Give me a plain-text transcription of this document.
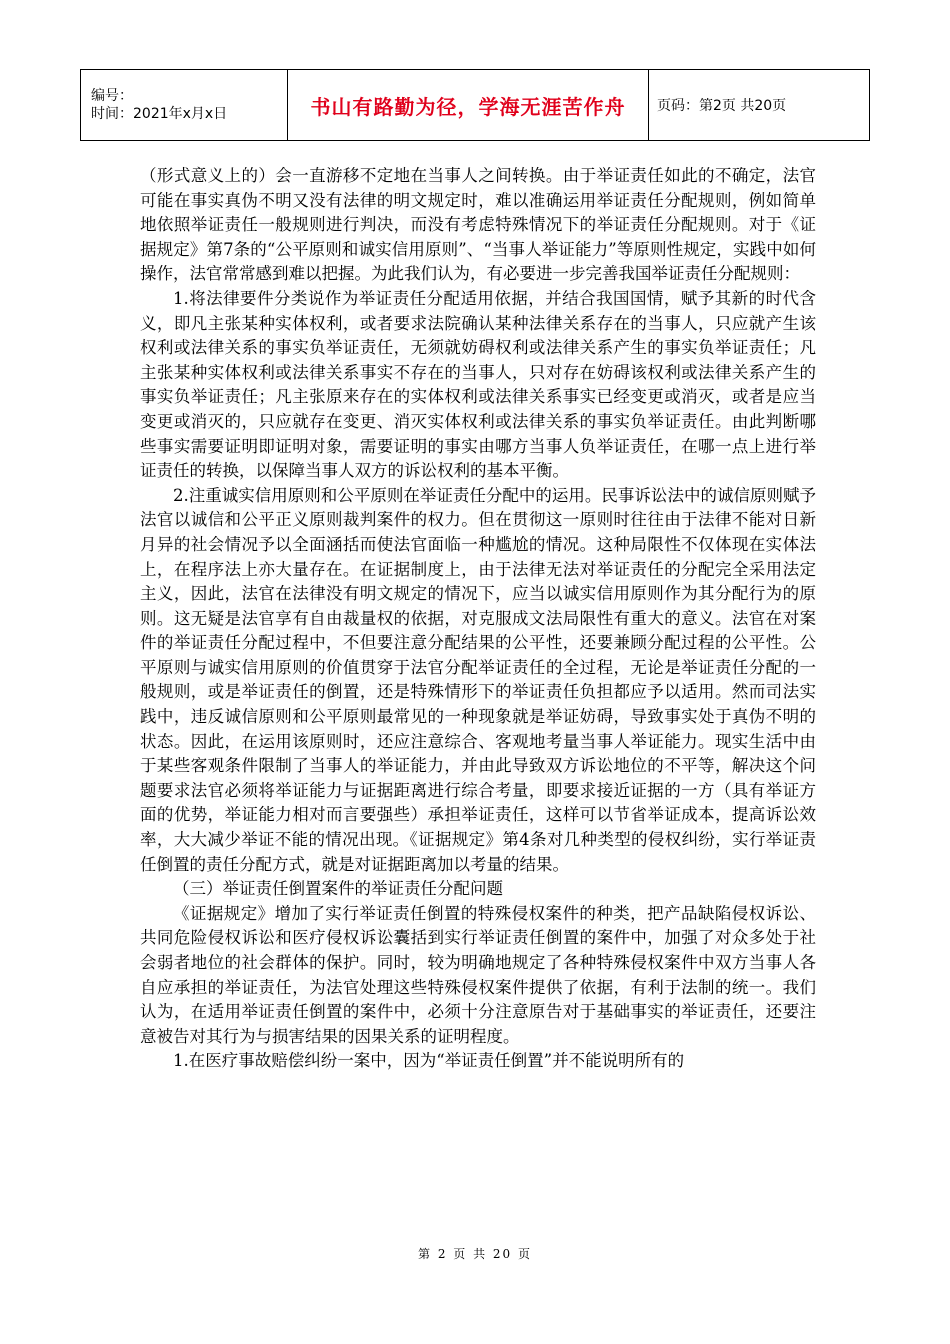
编号：
时间：2021年x月x日	书山有路勤为径，学海无涯苦作舟	页码：第2页 共20页

（形式意义上的）会一直游移不定地在当事人之间转换。由于举证责任如此的不确定，法官可能在事实真伪不明又没有法律的明文规定时，难以准确运用举证责任分配规则，例如简单地依照举证责任一般规则进行判决，而没有考虑特殊情况下的举证责任分配规则。对于《证据规定》第7条的“公平原则和诚实信用原则”、“当事人举证能力”等原则性规定，实践中如何操作，法官常常感到难以把握。为此我们认为，有必要进一步完善我国举证责任分配规则：

1.将法律要件分类说作为举证责任分配适用依据，并结合我国国情，赋予其新的时代含义，即凡主张某种实体权利，或者要求法院确认某种法律关系存在的当事人，只应就产生该权利或法律关系的事实负举证责任，无须就妨碍权利或法律关系产生的事实负举证责任；凡主张某种实体权利或法律关系事实不存在的当事人，只对存在妨碍该权利或法律关系产生的事实负举证责任；凡主张原来存在的实体权利或法律关系事实已经变更或消灭，或者是应当变更或消灭的，只应就存在变更、消灭实体权利或法律关系的事实负举证责任。由此判断哪些事实需要证明即证明对象，需要证明的事实由哪方当事人负举证责任，在哪一点上进行举证责任的转换，以保障当事人双方的诉讼权利的基本平衡。

2.注重诚实信用原则和公平原则在举证责任分配中的运用。民事诉讼法中的诚信原则赋予法官以诚信和公平正义原则裁判案件的权力。但在贯彻这一原则时往往由于法律不能对日新月异的社会情况予以全面涵括而使法官面临一种尴尬的情况。这种局限性不仅体现在实体法上，在程序法上亦大量存在。在证据制度上，由于法律无法对举证责任的分配完全采用法定主义，因此，法官在法律没有明文规定的情况下，应当以诚实信用原则作为其分配行为的原则。这无疑是法官享有自由裁量权的依据，对克服成文法局限性有重大的意义。法官在对案件的举证责任分配过程中，不但要注意分配结果的公平性，还要兼顾分配过程的公平性。公平原则与诚实信用原则的价值贯穿于法官分配举证责任的全过程，无论是举证责任分配的一般规则，或是举证责任的倒置，还是特殊情形下的举证责任负担都应予以适用。然而司法实践中，违反诚信原则和公平原则最常见的一种现象就是举证妨碍，导致事实处于真伪不明的状态。因此，在运用该原则时，还应注意综合、客观地考量当事人举证能力。现实生活中由于某些客观条件限制了当事人的举证能力，并由此导致双方诉讼地位的不平等，解决这个问题要求法官必须将举证能力与证据距离进行综合考量，即要求接近证据的一方（具有举证方面的优势，举证能力相对而言要强些）承担举证责任，这样可以节省举证成本，提高诉讼效率，大大减少举证不能的情况出现。《证据规定》第4条对几种类型的侵权纠纷，实行举证责任倒置的责任分配方式，就是对证据距离加以考量的结果。

（三）举证责任倒置案件的举证责任分配问题

《证据规定》增加了实行举证责任倒置的特殊侵权案件的种类，把产品缺陷侵权诉讼、共同危险侵权诉讼和医疗侵权诉讼囊括到实行举证责任倒置的案件中，加强了对众多处于社会弱者地位的社会群体的保护。同时，较为明确地规定了各种特殊侵权案件中双方当事人各自应承担的举证责任，为法官处理这些特殊侵权案件提供了依据，有利于法制的统一。我们认为，在适用举证责任倒置的案件中，必须十分注意原告对于基础事实的举证责任，还要注意被告对其行为与损害结果的因果关系的证明程度。

1.在医疗事故赔偿纠纷一案中，因为“举证责任倒置”并不能说明所有的

第 2 页 共 20 页
